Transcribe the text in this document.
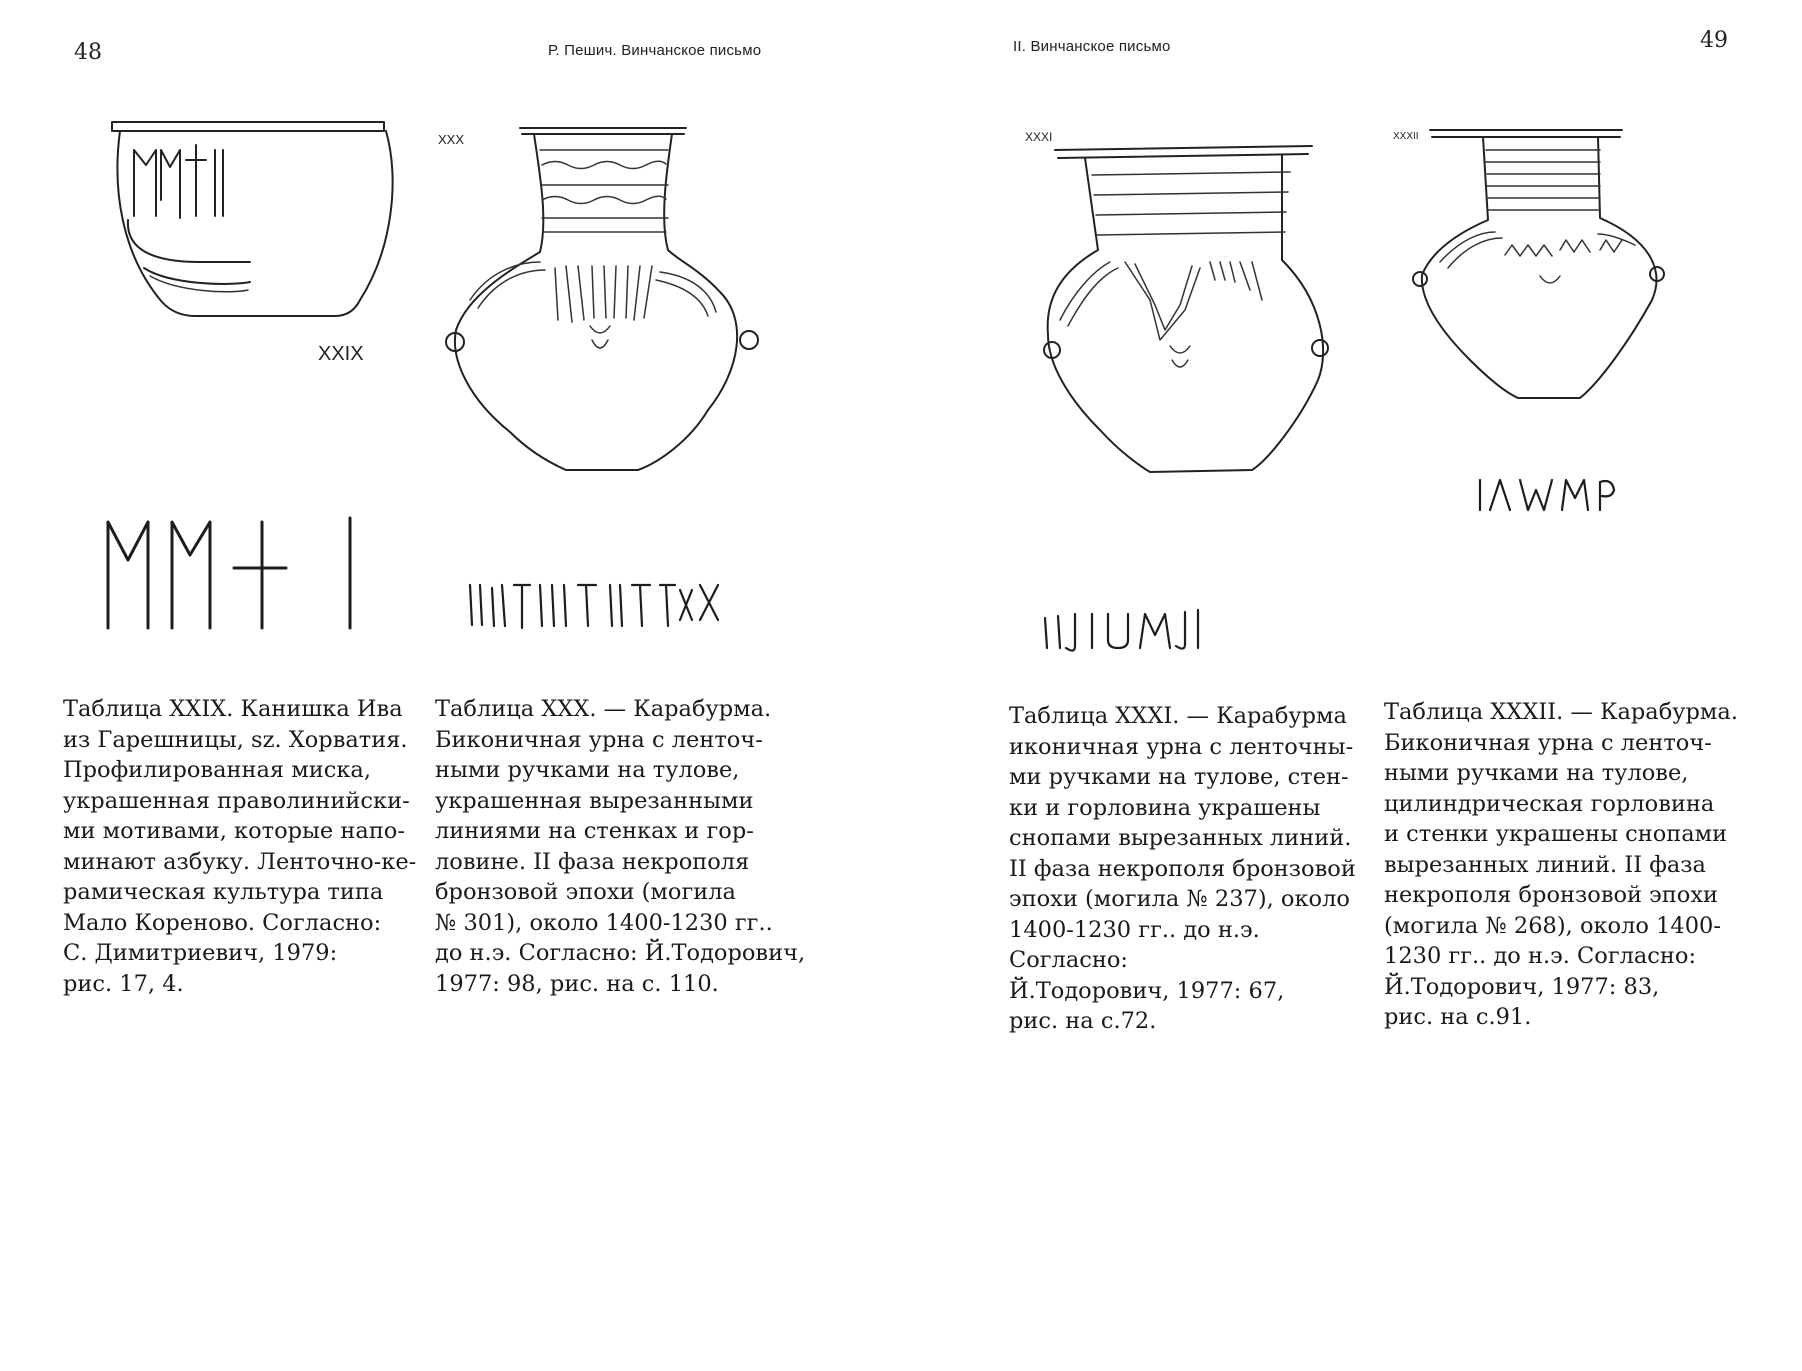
48	Р. Пешич. Винчанское письмо	II. Винчанское письмо	49
XXIX
XXX	XXXI	XXXII
Таблица XXIX. Канишка Ива
из Гарешницы, sz. Хорватия.
Профилированная миска,
украшенная праволинийски-
ми мотивами, которые напо-
минают азбуку. Ленточно-ке-
рамическая культура типа
Мало Кореново. Согласно:
С. Димитриевич, 1979:
рис. 17, 4.
Таблица XXX. — Карабурма.
Биконичная урна с ленточ-
ными ручками на тулове,
украшенная вырезанными
линиями на стенках и гор-
ловине. II фаза некрополя
бронзовой эпохи (могила
№ 301), около 1400-1230 гг..
до н.э. Согласно: Й.Тодорович,
1977: 98, рис. на с. 110.
Таблица XXXI. — Карабурма
иконичная урна с ленточны-
ми ручками на тулове, стен-
ки и горловина украшены
снопами вырезанных линий.
II фаза некрополя бронзовой
эпохи (могила № 237), около
1400-1230 гг.. до н.э. Согласно:
Й.Тодорович, 1977: 67,
рис. на с.72.
Таблица XXXII. — Карабурма.
Биконичная урна с ленточ-
ными ручками на тулове,
цилиндрическая горловина
и стенки украшены снопами
вырезанных линий. II фаза
некрополя бронзовой эпохи
(могила № 268), около 1400-
1230 гг.. до н.э. Согласно:
Й.Тодорович, 1977: 83,
рис. на с.91.
